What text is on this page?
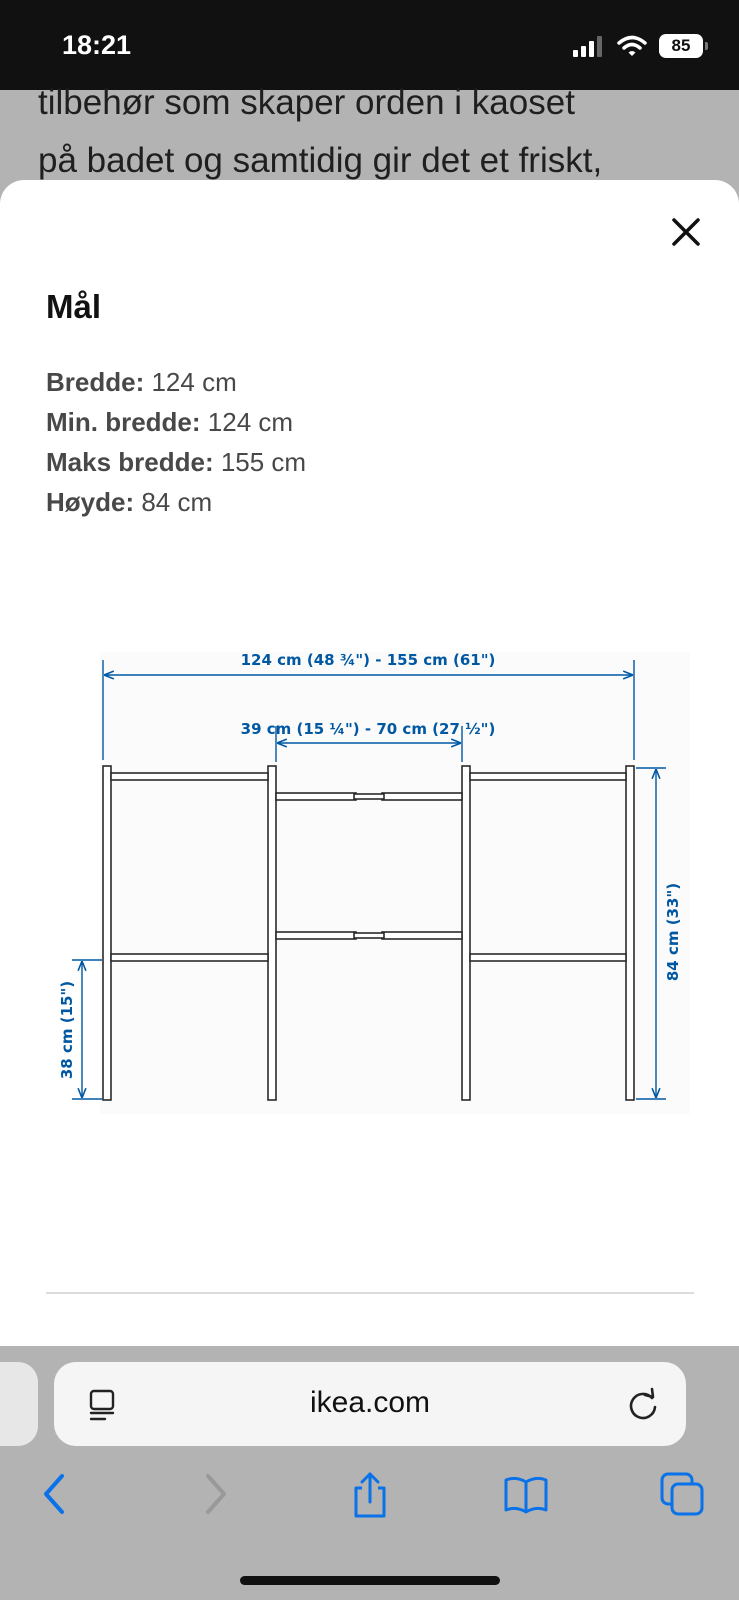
18:21	85
tilbehør som skaper orden i kaoset
på badet og samtidig gir det et friskt,
Mål
Bredde: 124 cm
Min. bredde: 124 cm
Maks bredde: 155 cm
Høyde: 84 cm
124 cm (48 ¾") - 155 cm (61")
39 cm (15 ¼") - 70 cm (27 ½")
84 cm (33")
38 cm (15")
ikea.com
